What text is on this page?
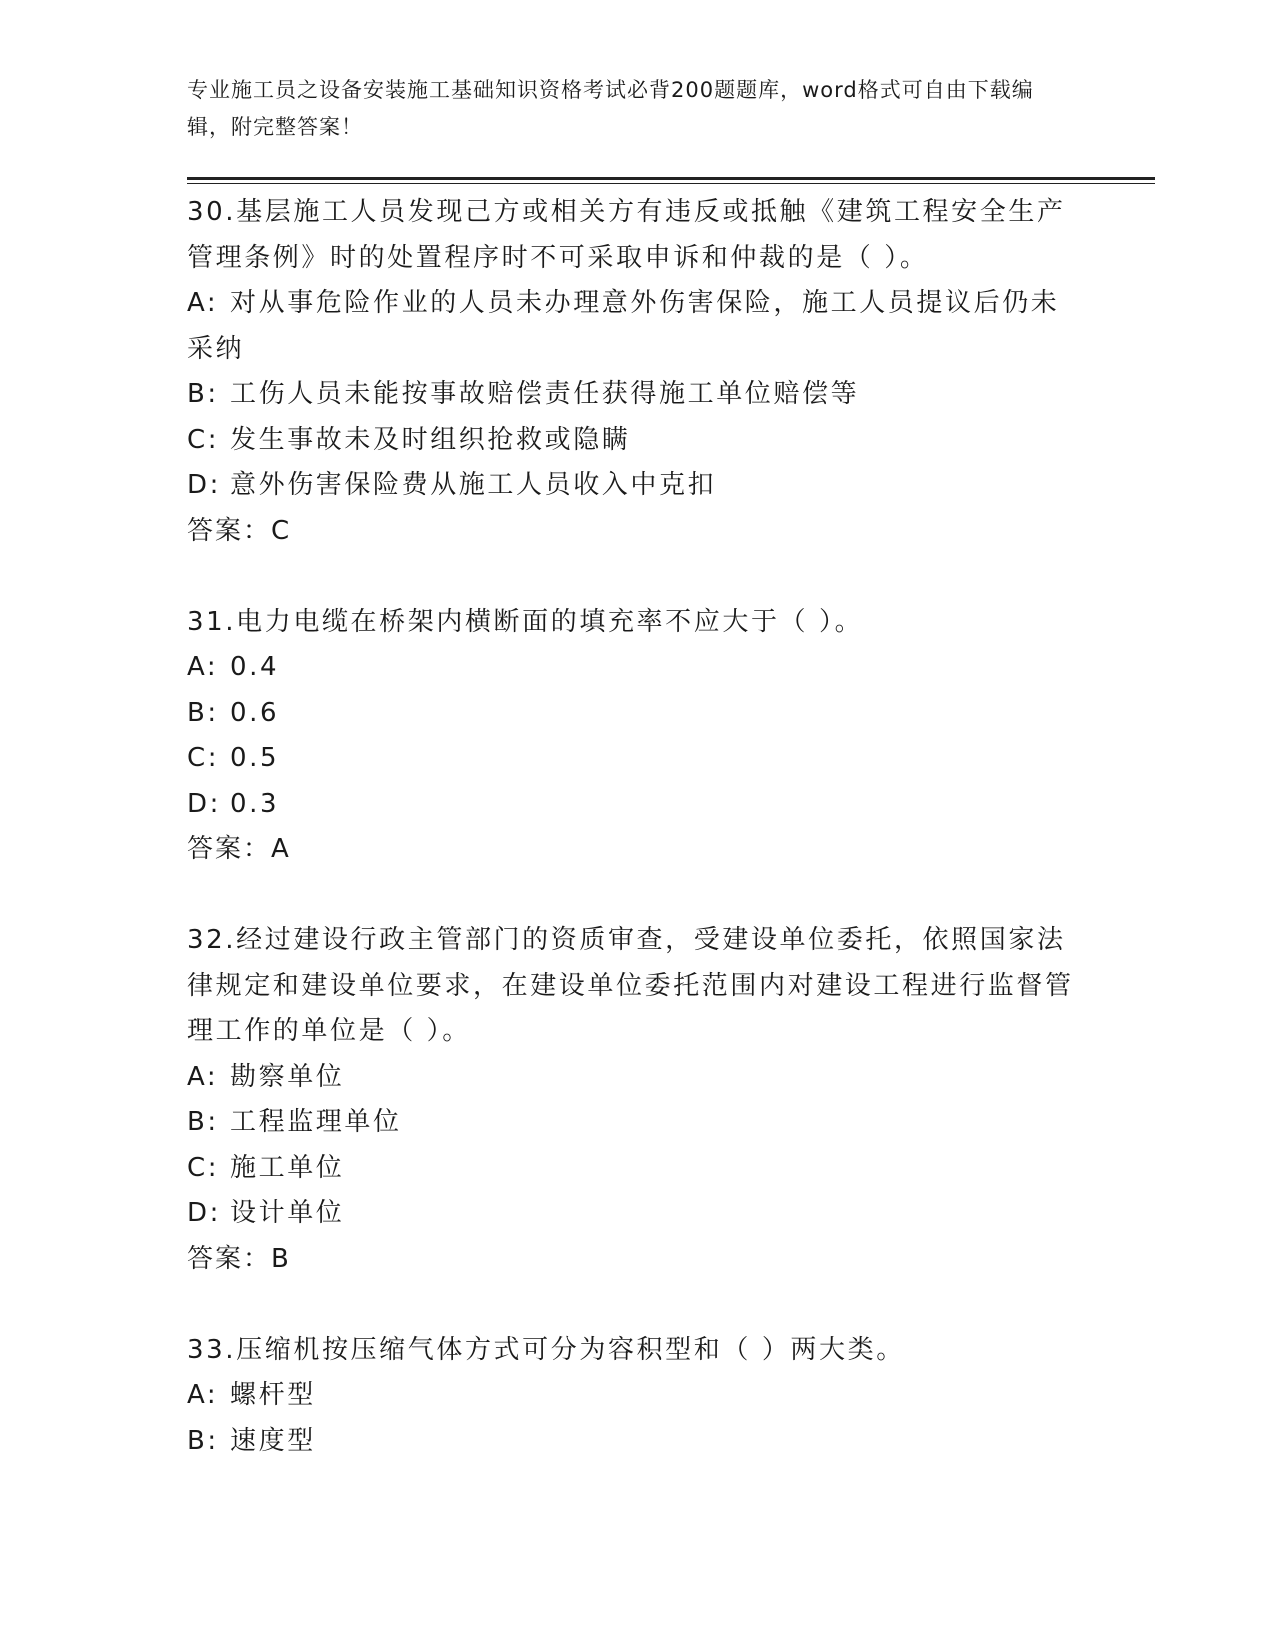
专业施工员之设备安装施工基础知识资格考试必背200题题库，word格式可自由下载编辑，附完整答案！
30.基层施工人员发现己方或相关方有违反或抵触《建筑工程安全生产管理条例》时的处置程序时不可采取申诉和仲裁的是（ ）。
A: 对从事危险作业的人员未办理意外伤害保险，施工人员提议后仍未采纳
B: 工伤人员未能按事故赔偿责任获得施工单位赔偿等
C: 发生事故未及时组织抢救或隐瞒
D: 意外伤害保险费从施工人员收入中克扣
答案：C
31.电力电缆在桥架内横断面的填充率不应大于（ ）。
A: 0.4
B: 0.6
C: 0.5
D: 0.3
答案：A
32.经过建设行政主管部门的资质审查，受建设单位委托，依照国家法律规定和建设单位要求，在建设单位委托范围内对建设工程进行监督管理工作的单位是（ ）。
A: 勘察单位
B: 工程监理单位
C: 施工单位
D: 设计单位
答案：B
33.压缩机按压缩气体方式可分为容积型和（ ）两大类。
A: 螺杆型
B: 速度型
